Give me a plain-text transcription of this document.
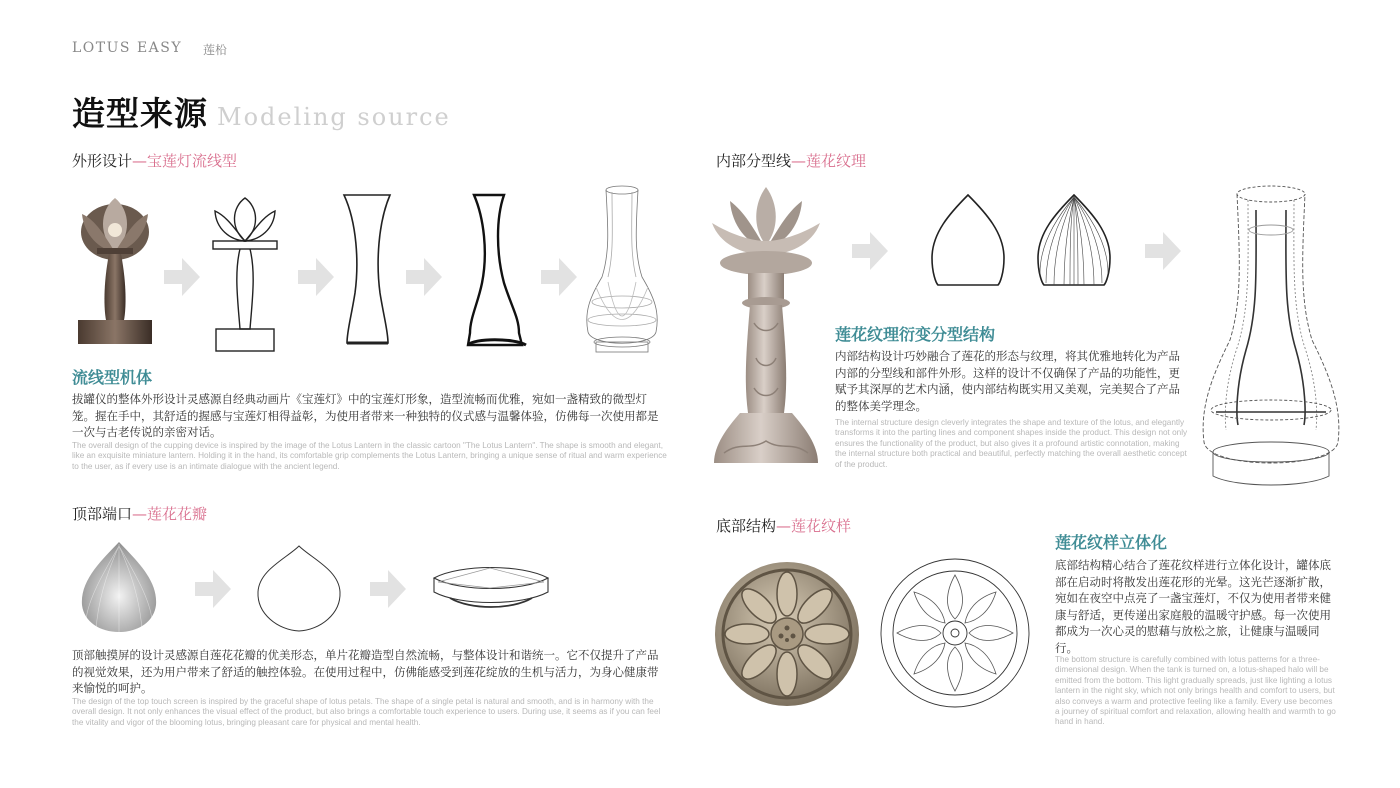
LOTUS EASY 莲柗
造型来源 Modeling source
外形设计—宝莲灯流线型
流线型机体
拔罐仪的整体外形设计灵感源自经典动画片《宝莲灯》中的宝莲灯形象，造型流畅而优雅，宛如一盏精致的微型灯笼。握在手中，其舒适的握感与宝莲灯相得益彰，为使用者带来一种独特的仪式感与温馨体验，仿佛每一次使用都是一次与古老传说的亲密对话。
The overall design of the cupping device is inspired by the image of the Lotus Lantern in the classic cartoon "The Lotus Lantern". The shape is smooth and elegant, like an exquisite miniature lantern. Holding it in the hand, its comfortable grip complements the Lotus Lantern, bringing a unique sense of ritual and warm experience to the user, as if every use is an intimate dialogue with the ancient legend.
顶部端口—莲花花瓣
顶部触摸屏的设计灵感源自莲花花瓣的优美形态，单片花瓣造型自然流畅，与整体设计和谐统一。它不仅提升了产品的视觉效果，还为用户带来了舒适的触控体验。在使用过程中，仿佛能感受到莲花绽放的生机与活力，为身心健康带来愉悦的呵护。
The design of the top touch screen is inspired by the graceful shape of lotus petals. The shape of a single petal is natural and smooth, and is in harmony with the overall design. It not only enhances the visual effect of the product, but also brings a comfortable touch experience to users. During use, it seems as if you can feel the vitality and vigor of the blooming lotus, bringing pleasant care for physical and mental health.
内部分型线—莲花纹理
莲花纹理衍变分型结构
内部结构设计巧妙融合了莲花的形态与纹理，将其优雅地转化为产品内部的分型线和部件外形。这样的设计不仅确保了产品的功能性，更赋予其深厚的艺术内涵，使内部结构既实用又美观，完美契合了产品的整体美学理念。
The internal structure design cleverly integrates the shape and texture of the lotus, and elegantly transforms it into the parting lines and component shapes inside the product. This design not only ensures the functionality of the product, but also gives it a profound artistic connotation, making the internal structure both practical and beautiful, perfectly matching the overall aesthetic concept of the product.
底部结构—莲花纹样
莲花纹样立体化
底部结构精心结合了莲花纹样进行立体化设计，罐体底部在启动时将散发出莲花形的光晕。这光芒逐渐扩散，宛如在夜空中点亮了一盏宝莲灯，不仅为使用者带来健康与舒适，更传递出家庭般的温暖守护感。每一次使用都成为一次心灵的慰藉与放松之旅，让健康与温暖同行。
The bottom structure is carefully combined with lotus patterns for a three-dimensional design. When the tank is turned on, a lotus-shaped halo will be emitted from the bottom. This light gradually spreads, just like lighting a lotus lantern in the night sky, which not only brings health and comfort to users, but also conveys a warm and protective feeling like a family. Every use becomes a journey of spiritual comfort and relaxation, allowing health and warmth to go hand in hand.
